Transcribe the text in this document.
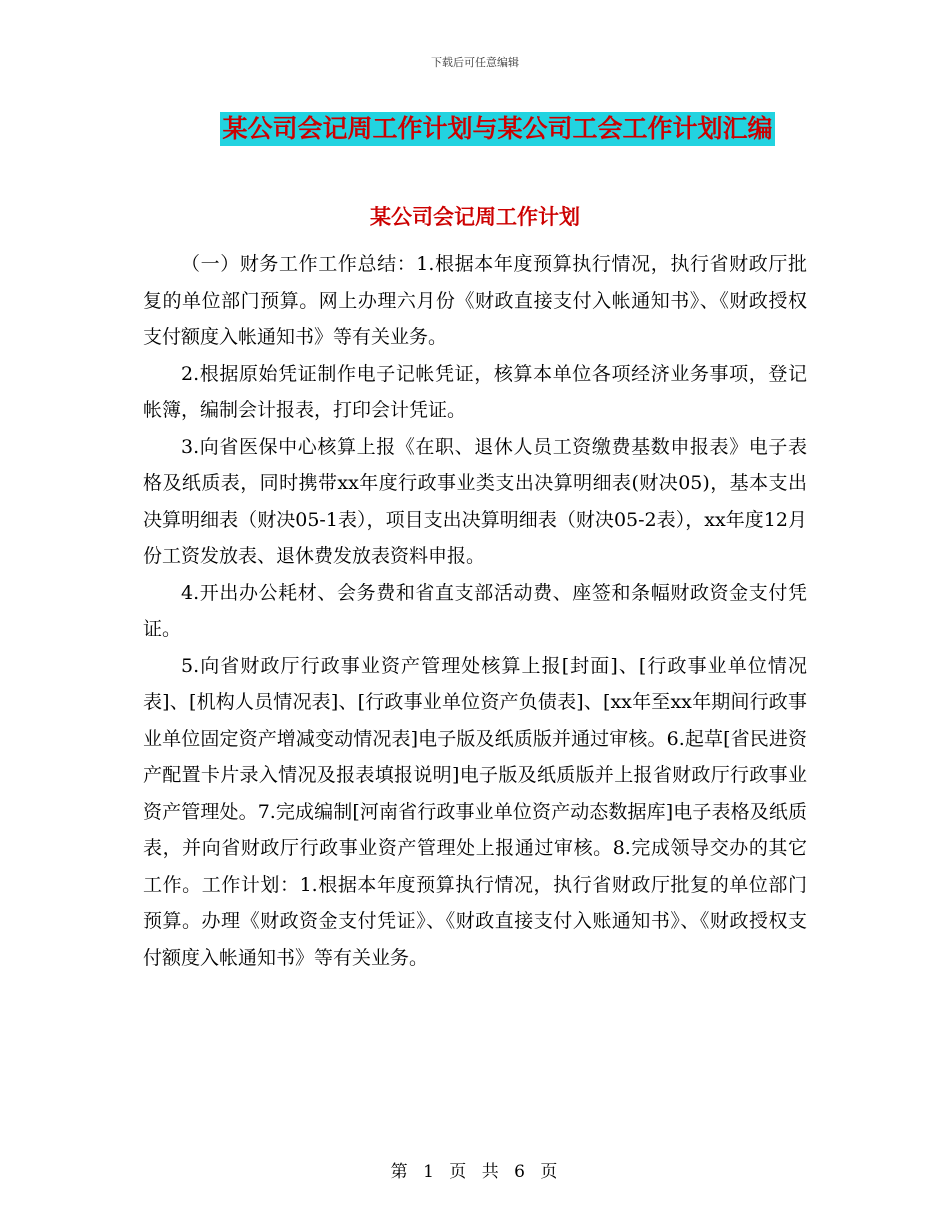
下载后可任意编辑
某公司会记周工作计划与某公司工会工作计划汇编
某公司会记周工作计划

（一）财务工作工作总结：1.根据本年度预算执行情况，执行省财政厅批复的单位部门预算。网上办理六月份《财政直接支付入帐通知书》、《财政授权支付额度入帐通知书》等有关业务。

2.根据原始凭证制作电子记帐凭证，核算本单位各项经济业务事项，登记帐簿，编制会计报表，打印会计凭证。

3.向省医保中心核算上报《在职、退休人员工资缴费基数申报表》电子表格及纸质表，同时携带xx年度行政事业类支出决算明细表(财决05)，基本支出决算明细表（财决05-1表），项目支出决算明细表（财决05-2表），xx年度12月份工资发放表、退休费发放表资料申报。

4.开出办公耗材、会务费和省直支部活动费、座签和条幅财政资金支付凭证。

5.向省财政厅行政事业资产管理处核算上报[封面]、[行政事业单位情况表]、[机构人员情况表]、[行政事业单位资产负债表]、[xx年至xx年期间行政事业单位固定资产增减变动情况表]电子版及纸质版并通过审核。6.起草[省民进资产配置卡片录入情况及报表填报说明]电子版及纸质版并上报省财政厅行政事业资产管理处。7.完成编制[河南省行政事业单位资产动态数据库]电子表格及纸质表，并向省财政厅行政事业资产管理处上报通过审核。8.完成领导交办的其它工作。工作计划：1.根据本年度预算执行情况，执行省财政厅批复的单位部门预算。办理《财政资金支付凭证》、《财政直接支付入账通知书》、《财政授权支付额度入帐通知书》等有关业务。

第 1 页 共 6 页
